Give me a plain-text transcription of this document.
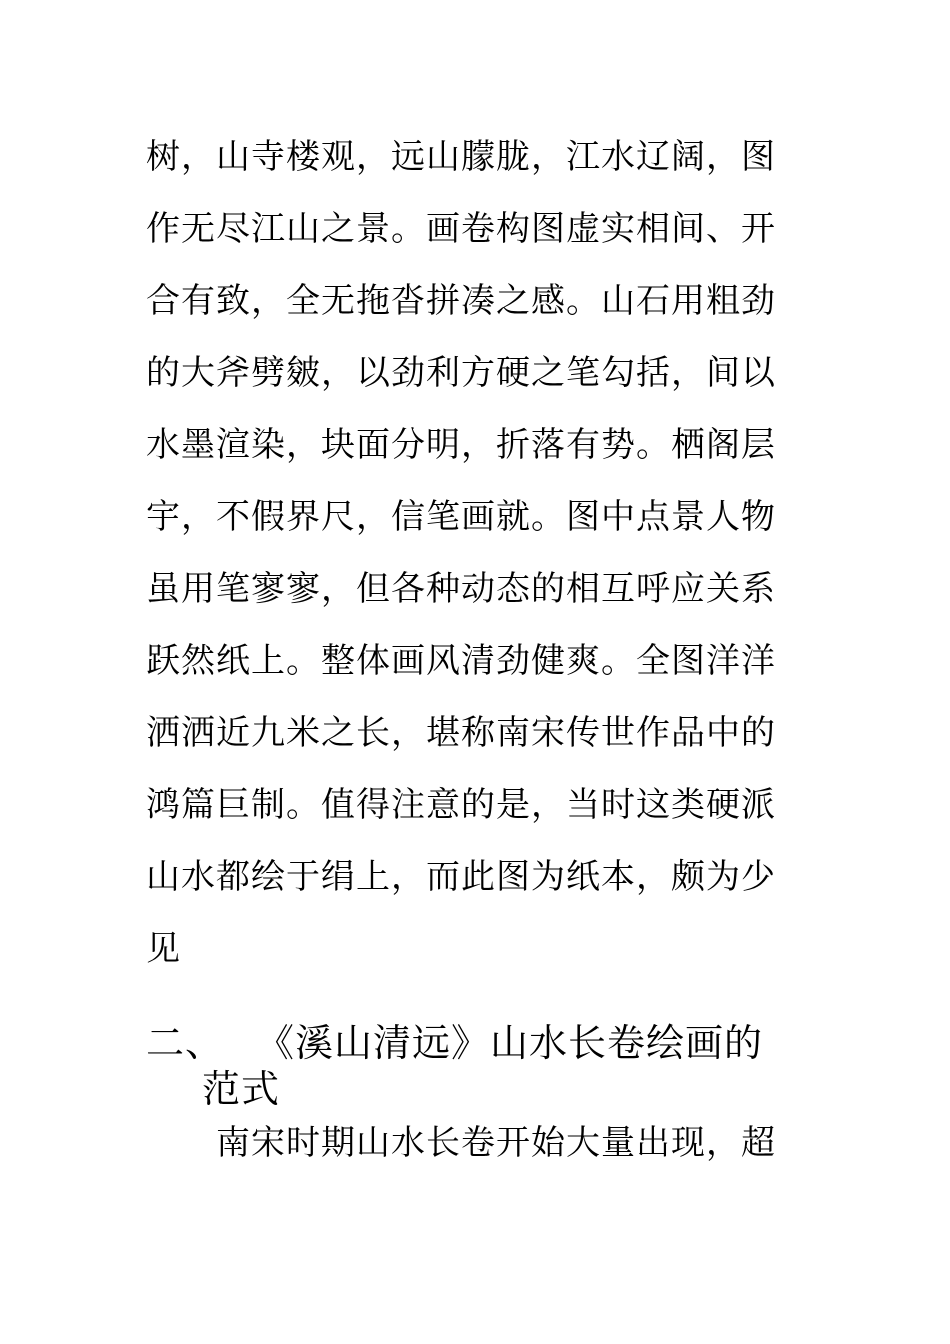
树，山寺楼观，远山朦胧，江水辽阔，图
作无尽江山之景。画卷构图虚实相间、开
合有致，全无拖沓拼凑之感。山石用粗劲
的大斧劈皴，以劲利方硬之笔勾括，间以
水墨渲染，块面分明，折落有势。栖阁层
宇，不假界尺，信笔画就。图中点景人物
虽用笔寥寥，但各种动态的相互呼应关系
跃然纸上。整体画风清劲健爽。全图洋洋
洒洒近九米之长，堪称南宋传世作品中的
鸿篇巨制。值得注意的是，当时这类硬派
山水都绘于绢上，而此图为纸本，颇为少
见
二、 《溪山清远》山水长卷绘画的
范式
南宋时期山水长卷开始大量出现，超
